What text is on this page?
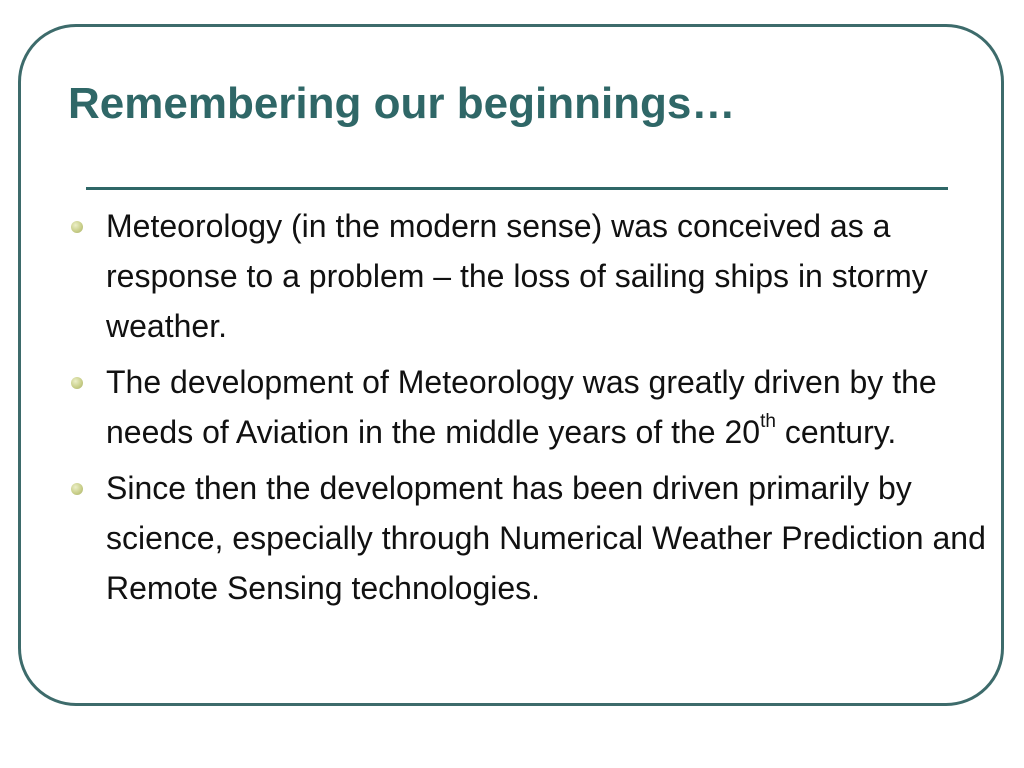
Remembering our beginnings…
Meteorology (in the modern sense) was conceived as a response to a problem – the loss of sailing ships in stormy weather.
The development of Meteorology was greatly driven by the needs of Aviation in the middle years of the 20th century.
Since then the development has been driven primarily by science, especially through Numerical Weather Prediction and Remote Sensing technologies.
